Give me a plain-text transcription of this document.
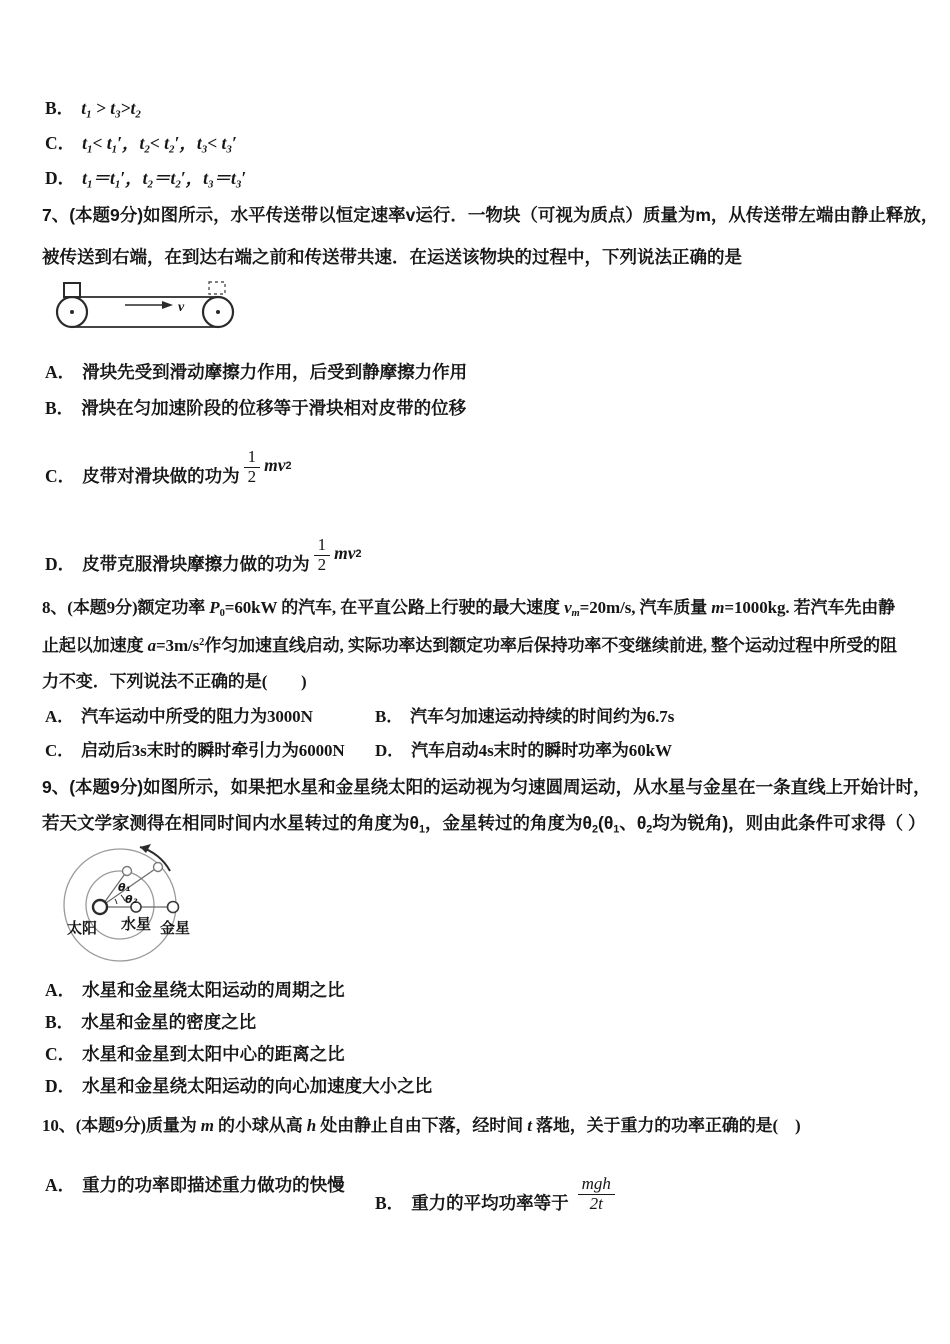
B． $t_1 > t_3>t_2$
C． $t_1< t_1'$，$t_2< t_2'$，$t_3< t_3'$
D． $t_1=t_1'$，$t_2=t_2'$，$t_3=t_3'$
7、(本题9分)如图所示，水平传送带以恒定速率v运行．一物块（可视为质点）质量为m，从传送带左端由静止释放，
被传送到右端，在到达右端之前和传送带共速．在运送该物块的过程中，下列说法正确的是
v
A． 滑块先受到滑动摩擦力作用，后受到静摩擦力作用
B． 滑块在匀加速阶段的位移等于滑块相对皮带的位移
C． 皮带对滑块做的功为 $\frac{1}{2} mv^2$
D． 皮带克服滑块摩擦力做的功为 $\frac{1}{2} mv^2$
8、(本题9分)额定功率 $P_0=60kW$ 的汽车, 在平直公路上行驶的最大速度 $v_m=20m/s$, 汽车质量 m=1000kg. 若汽车先由静
止起以加速度 $a=3m/s^2$作匀加速直线启动, 实际功率达到额定功率后保持功率不变继续前进, 整个运动过程中所受的阻
力不变．下列说法不正确的是(　　)
A． 汽车运动中所受的阻力为3000N	B． 汽车匀加速运动持续的时间约为6.7s
C． 启动后3s末时的瞬时牵引力为6000N D． 汽车启动4s末时的瞬时功率为60kW
9、(本题9分)如图所示，如果把水星和金星绕太阳的运动视为匀速圆周运动，从水星与金星在一条直线上开始计时，
若天文学家测得在相同时间内水星转过的角度为$\theta_1$，金星转过的角度为$\theta_2(\theta_1$、$\theta_2$均为锐角)，则由此条件可求得（ ）
θ₁
θ₂
太阳 水星 金星
A． 水星和金星绕太阳运动的周期之比
B． 水星和金星的密度之比
C． 水星和金星到太阳中心的距离之比
D． 水星和金星绕太阳运动的向心加速度大小之比
10、(本题9分)质量为 m 的小球从高 h 处由静止自由下落，经时间 t 落地，关于重力的功率正确的是(　)
A． 重力的功率即描述重力做功的快慢
B． 重力的平均功率等于 $\frac{\text{mgh}}{2t}$
